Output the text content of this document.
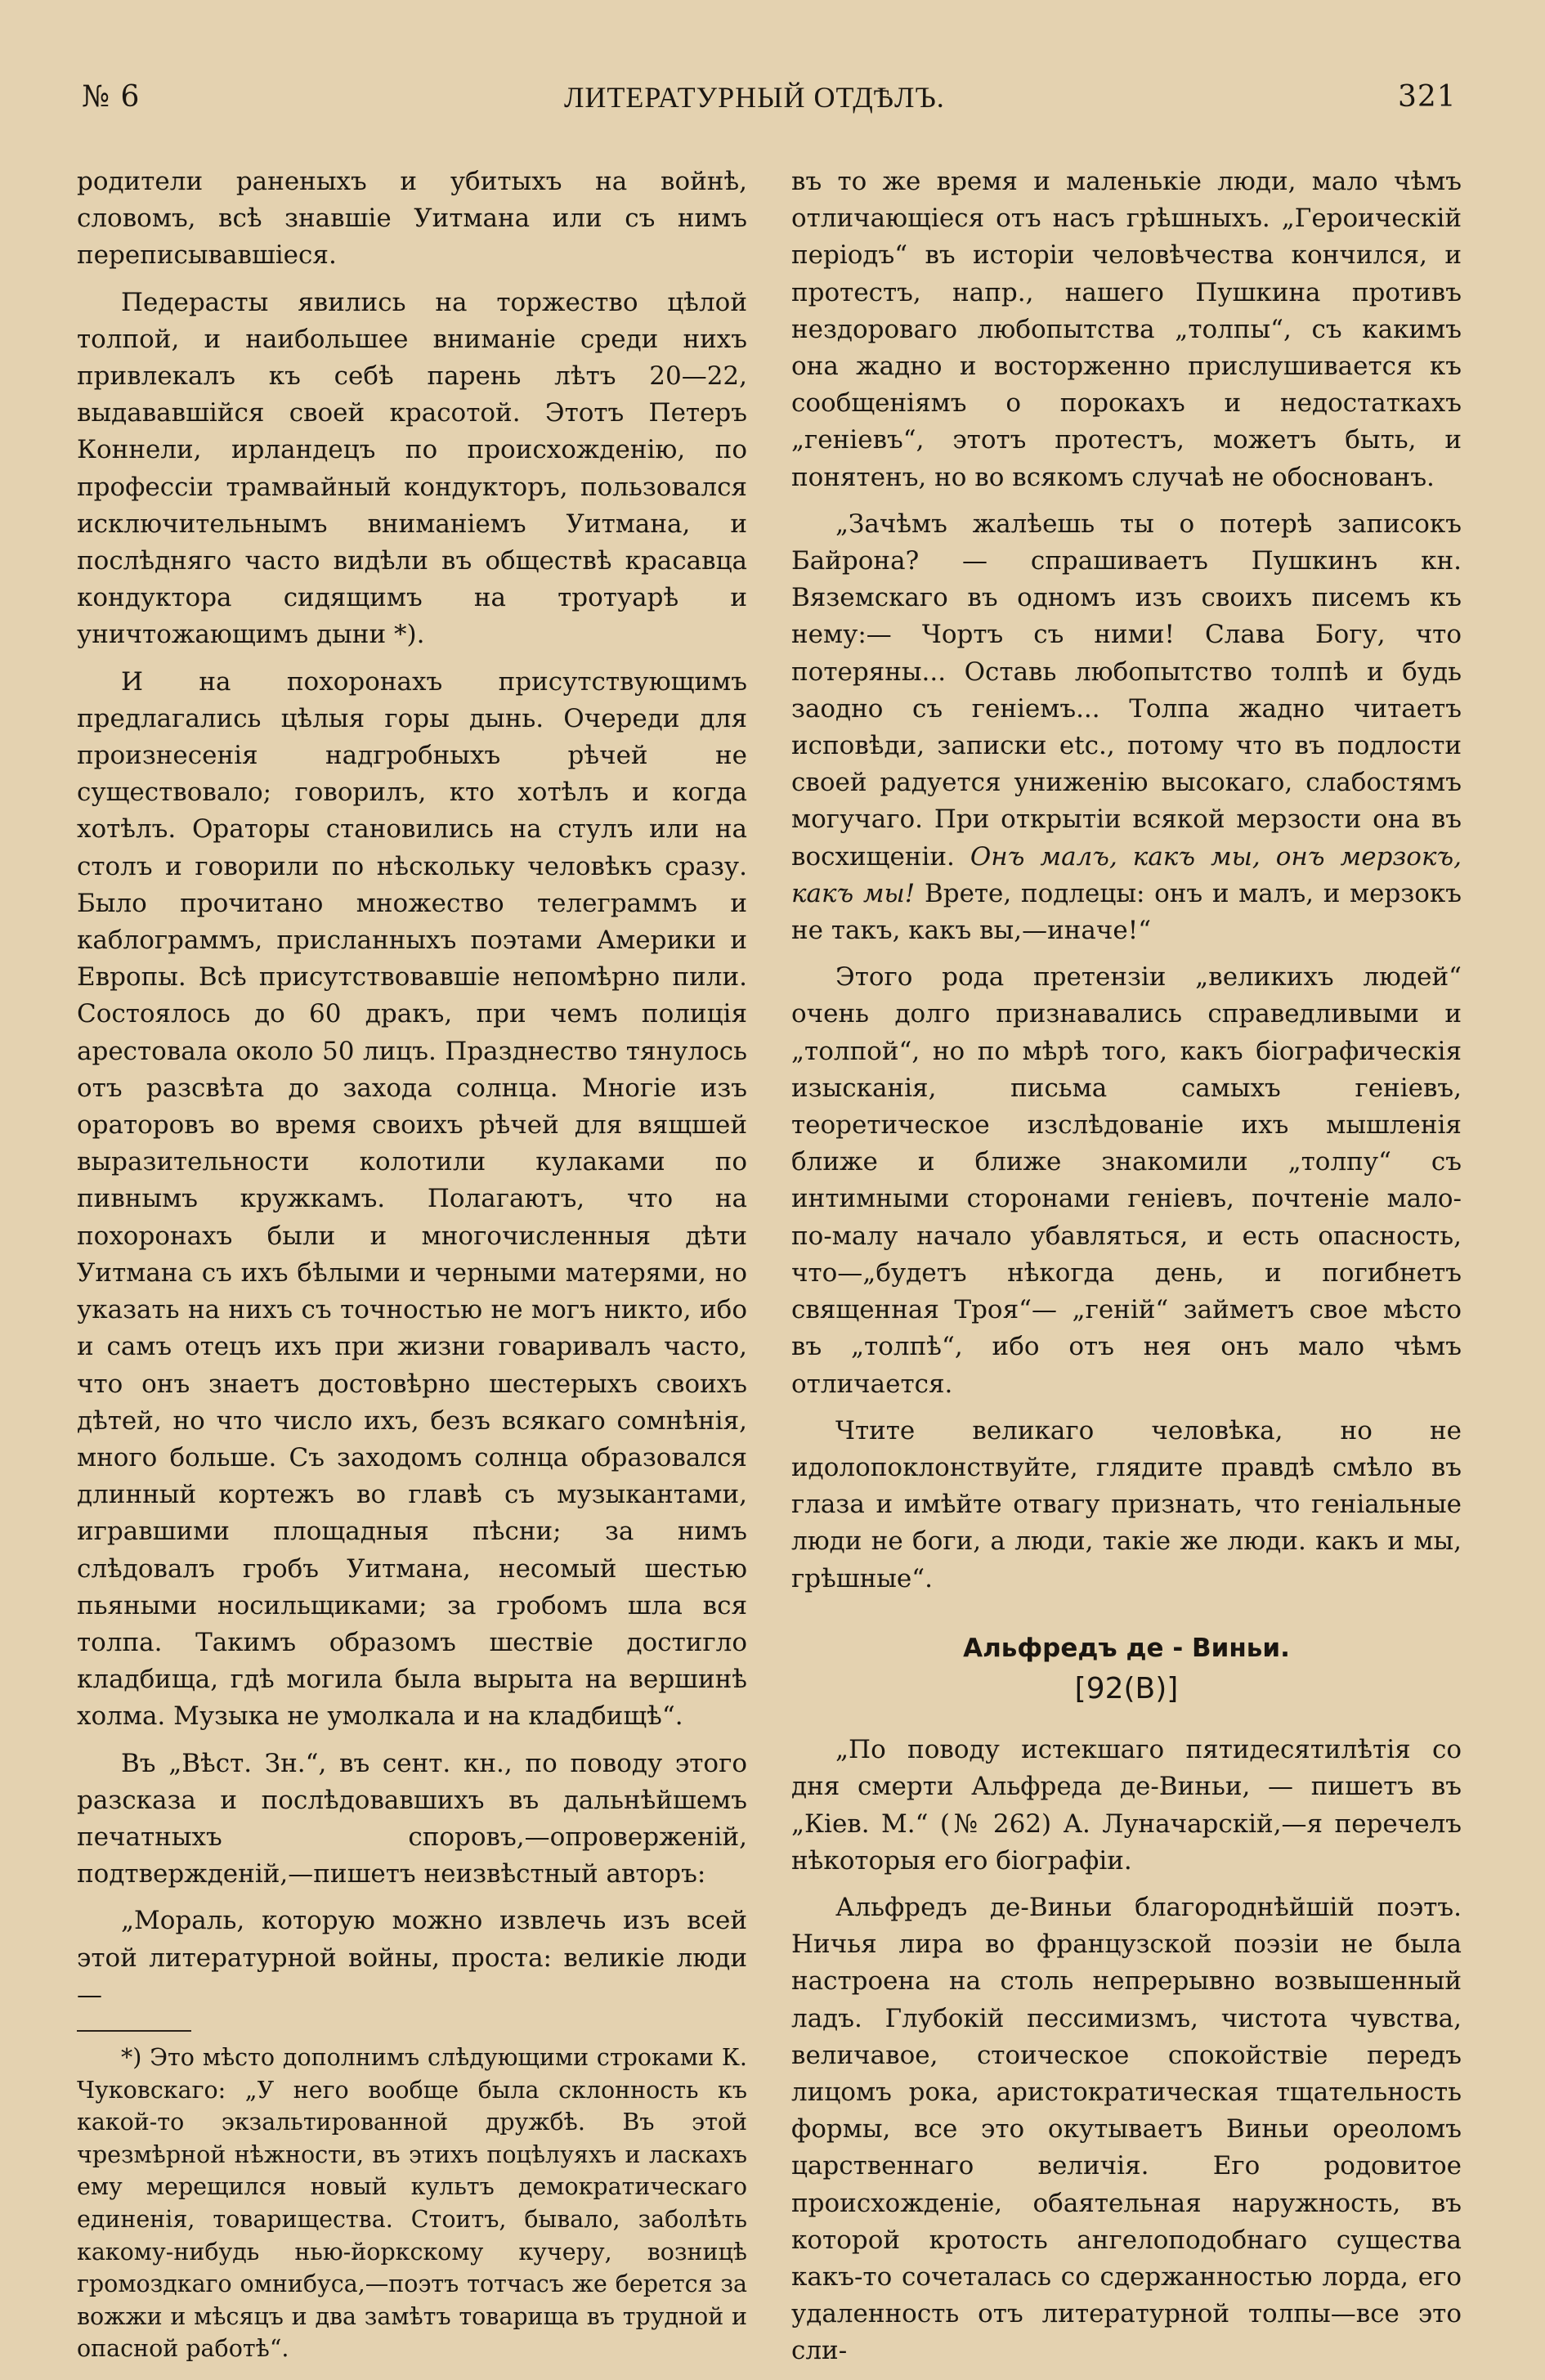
№ 6	ЛИТЕРАТУРНЫЙ ОТДѢЛЪ.	321

родители раненыхъ и убитыхъ на войнѣ, словомъ, всѣ знавшіе Уитмана или съ нимъ переписывавшіеся.

Педерасты явились на торжество цѣлой толпой, и наибольшее вниманіе среди нихъ привлекалъ къ себѣ парень лѣтъ 20—22, выдававшійся своей красотой. Этотъ Петеръ Коннели, ирландецъ по происхожденію, по профессіи трамвайный кондукторъ, пользовался исключительнымъ вниманіемъ Уитмана, и послѣдняго часто видѣли въ обществѣ красавца кондуктора сидящимъ на тротуарѣ и уничтожающимъ дыни *).

И на похоронахъ присутствующимъ предлагались цѣлыя горы дынь. Очереди для произнесенія надгробныхъ рѣчей не существовало; говорилъ, кто хотѣлъ и когда хотѣлъ. Ораторы становились на стулъ или на столъ и говорили по нѣскольку человѣкъ сразу. Было прочитано множество телеграммъ и каблограммъ, присланныхъ поэтами Америки и Европы. Всѣ присутствовавшіе непомѣрно пили. Состоялось до 60 дракъ, при чемъ полиція арестовала около 50 лицъ. Празднество тянулось отъ разсвѣта до захода солнца. Многіе изъ ораторовъ во время своихъ рѣчей для вящшей выразительности колотили кулаками по пивнымъ кружкамъ. Полагаютъ, что на похоронахъ были и многочисленныя дѣти Уитмана съ ихъ бѣлыми и черными матерями, но указать на нихъ съ точностью не могъ никто, ибо и самъ отецъ ихъ при жизни говаривалъ часто, что онъ знаетъ достовѣрно шестерыхъ своихъ дѣтей, но что число ихъ, безъ всякаго сомнѣнія, много больше. Съ заходомъ солнца образовался длинный кортежъ во главѣ съ музыкантами, игравшими площадныя пѣсни; за нимъ слѣдовалъ гробъ Уитмана, несомый шестью пьяными носильщиками; за гробомъ шла вся толпа. Такимъ образомъ шествіе достигло кладбища, гдѣ могила была вырыта на вершинѣ холма. Музыка не умолкала и на кладбищѣ“.

Въ „Вѣст. Зн.“, въ сент. кн., по поводу этого разсказа и послѣдовавшихъ въ дальнѣйшемъ печатныхъ споровъ,—опроверженій, подтвержденій,—пишетъ неизвѣстный авторъ:

„Мораль, которую можно извлечь изъ всей этой литературной войны, проста: великіе люди—

*) Это мѣсто дополнимъ слѣдующими строками К. Чуковскаго: „У него вообще была склонность къ какой-то экзальтированной дружбѣ. Въ этой чрезмѣрной нѣжности, въ этихъ поцѣлуяхъ и ласкахъ ему мерещился новый культъ демократическаго единенія, товарищества. Стоитъ, бывало, заболѣть какому-нибудь нью-йоркскому кучеру, возницѣ громоздкаго омнибуса,—поэтъ тотчасъ же берется за вожжи и мѣсяцъ и два замѣтъ товарища въ трудной и опасной работѣ“.

въ то же время и маленькіе люди, мало чѣмъ отличающіеся отъ насъ грѣшныхъ. „Героическій періодъ“ въ исторіи человѣчества кончился, и протестъ, напр., нашего Пушкина противъ нездороваго любопытства „толпы“, съ какимъ она жадно и восторженно прислушивается къ сообщеніямъ о порокахъ и недостаткахъ „геніевъ“, этотъ протестъ, можетъ быть, и понятенъ, но во всякомъ случаѣ не обоснованъ.

„Зачѣмъ жалѣешь ты о потерѣ записокъ Байрона? — спрашиваетъ Пушкинъ кн. Вяземскаго въ одномъ изъ своихъ писемъ къ нему:— Чортъ съ ними! Слава Богу, что потеряны... Оставь любопытство толпѣ и будь заодно съ геніемъ... Толпа жадно читаетъ исповѣди, записки etc., потому что въ подлости своей радуется униженію высокаго, слабостямъ могучаго. При открытіи всякой мерзости она въ восхищеніи. Онъ малъ, какъ мы, онъ мерзокъ, какъ мы! Врете, подлецы: онъ и малъ, и мерзокъ не такъ, какъ вы,—иначе!“

Этого рода претензіи „великихъ людей“ очень долго признавались справедливыми и „толпой“, но по мѣрѣ того, какъ біографическія изысканія, письма самыхъ геніевъ, теоретическое изслѣдованіе ихъ мышленія ближе и ближе знакомили „толпу“ съ интимными сторонами геніевъ, почтеніе мало-по-малу начало убавляться, и есть опасность, что—„будетъ нѣкогда день, и погибнетъ священная Троя“— „геній“ займетъ свое мѣсто въ „толпѣ“, ибо отъ нея онъ мало чѣмъ отличается.

Чтите великаго человѣка, но не идолопоклонствуйте, глядите правдѣ смѣло въ глаза и имѣйте отвагу признать, что геніальные люди не боги, а люди, такіе же люди. какъ и мы, грѣшные“.

Альфредъ де - Виньи.
[92(В)]

„По поводу истекшаго пятидесятилѣтія со дня смерти Альфреда де-Виньи, — пишетъ въ „Кіев. М.“ (№ 262) А. Луначарскій,—я перечелъ нѣкоторыя его біографіи.

Альфредъ де-Виньи благороднѣйшій поэтъ. Ничья лира во французской поэзіи не была настроена на столь непрерывно возвышенный ладъ. Глубокій пессимизмъ, чистота чувства, величавое, стоическое спокойствіе передъ лицомъ рока, аристократическая тщательность формы, все это окутываетъ Виньи ореоломъ царственнаго величія. Его родовитое происхожденіе, обаятельная наружность, въ которой кротость ангелоподобнаго существа какъ-то сочеталась со сдержанностью лорда, его удаленность отъ литературной толпы—все это сли-
